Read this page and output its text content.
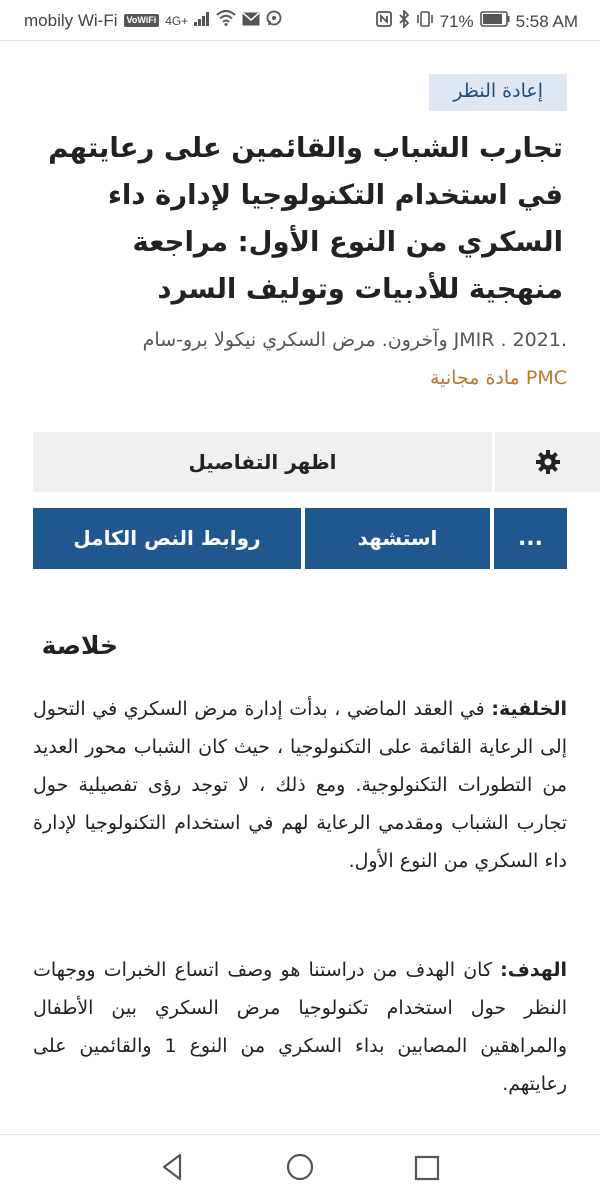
mobily Wi-Fi	VoWiFi 4G+	71% 5:58 AM
إعادة النظر
تجارب الشباب والقائمين على رعايتهم في استخدام التكنولوجيا لإدارة داء السكري من النوع الأول: مراجعة منهجية للأدبيات وتوليف السرد
.JMIR . 2021 وآخرون. مرض السكري نيكولا برو-سام
PMC مادة مجانية
اظهر التفاصيل
روابط النص الكامل	استشهد	...
خلاصة
الخلفية: في العقد الماضي ، بدأت إدارة مرض السكري في التحول إلى الرعاية القائمة على التكنولوجيا ، حيث كان الشباب محور العديد من التطورات التكنولوجية. ومع ذلك ، لا توجد رؤى تفصيلية حول تجارب الشباب ومقدمي الرعاية لهم في استخدام التكنولوجيا لإدارة داء السكري من النوع الأول.
الهدف: كان الهدف من دراستنا هو وصف اتساع الخبرات ووجهات النظر حول استخدام تكنولوجيا مرض السكري بين الأطفال والمراهقين المصابين بداء السكري من النوع 1 والقائمين على رعايتهم.
